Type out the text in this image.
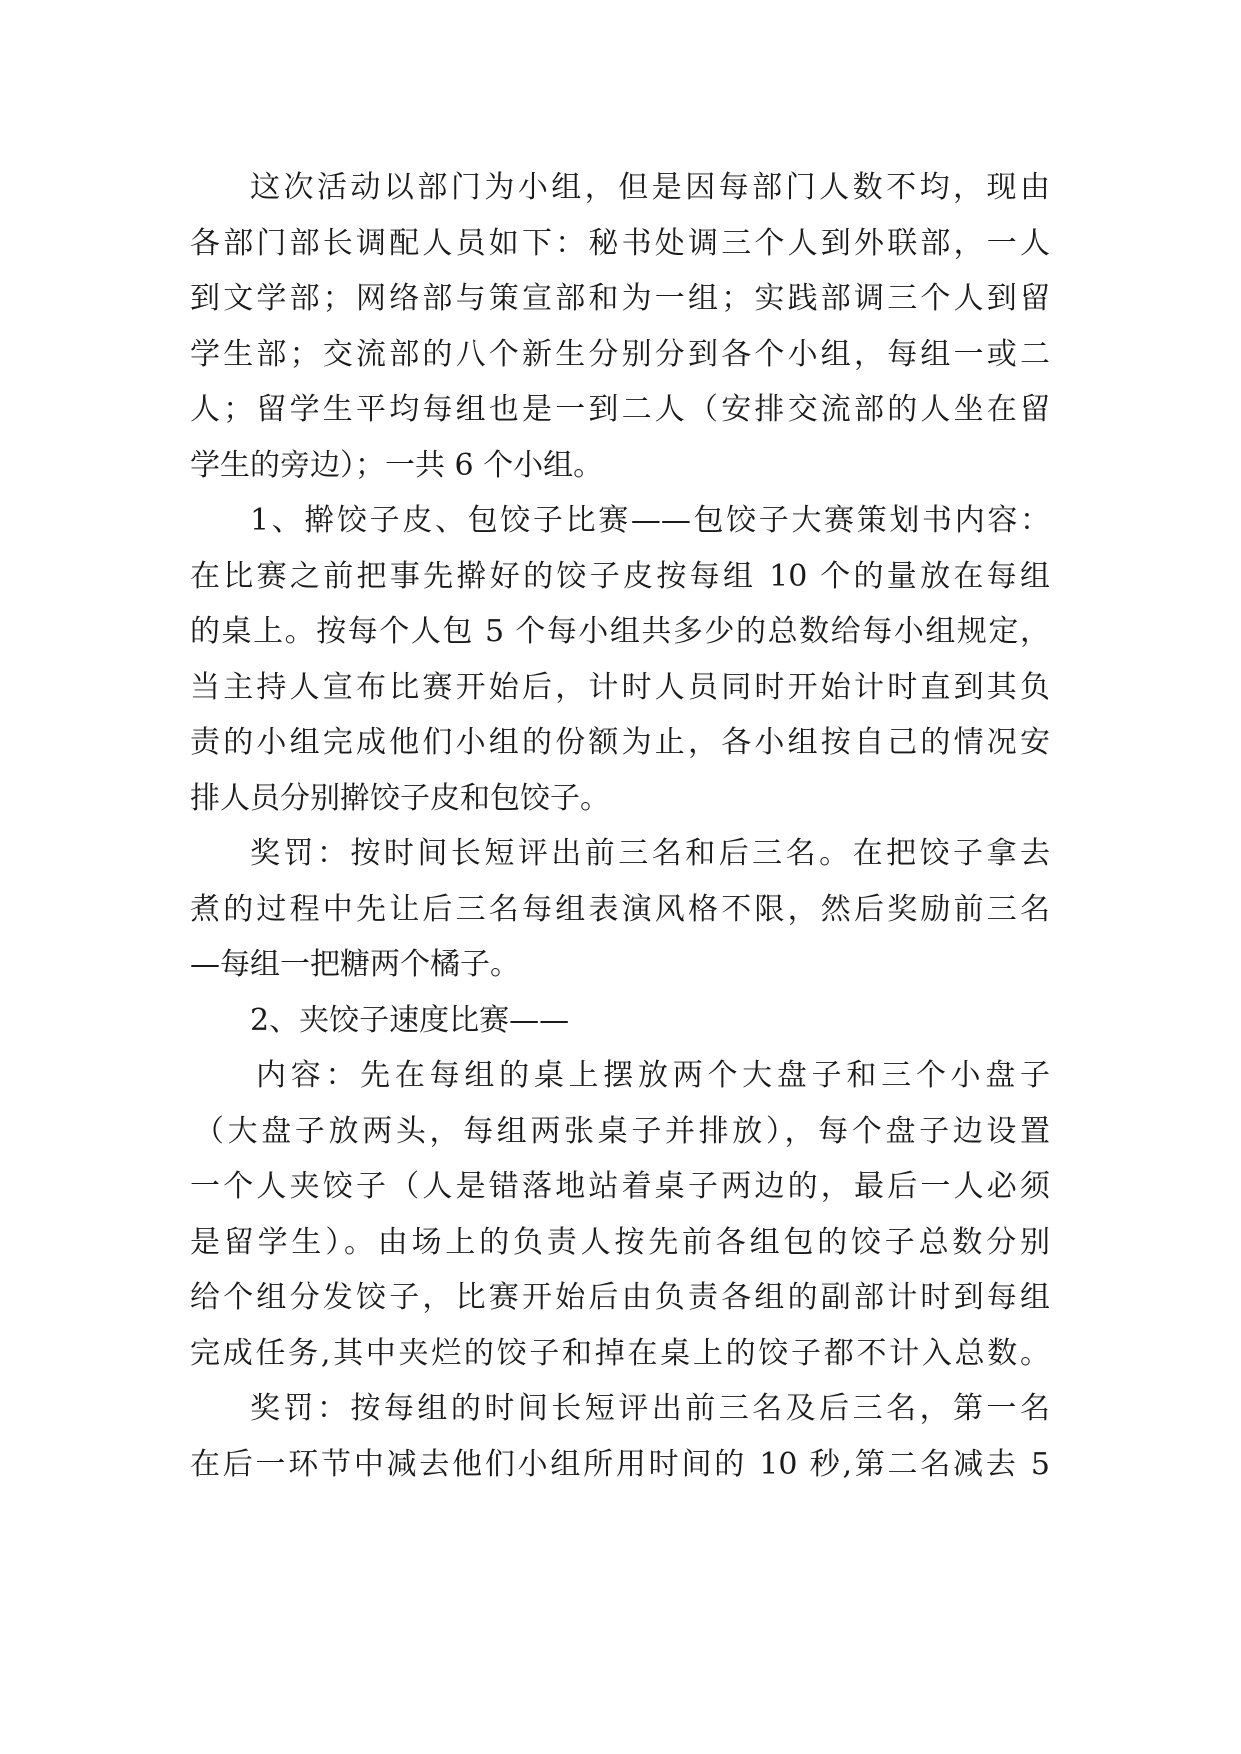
这次活动以部门为小组，但是因每部门人数不均，现由
各部门部长调配人员如下：秘书处调三个人到外联部，一人
到文学部；网络部与策宣部和为一组；实践部调三个人到留
学生部；交流部的八个新生分别分到各个小组，每组一或二
人；留学生平均每组也是一到二人（安排交流部的人坐在留
学生的旁边）；一共 6 个小组。
1、擀饺子皮、包饺子比赛——包饺子大赛策划书内容：
在比赛之前把事先擀好的饺子皮按每组 10 个的量放在每组
的桌上。按每个人包 5 个每小组共多少的总数给每小组规定，
当主持人宣布比赛开始后，计时人员同时开始计时直到其负
责的小组完成他们小组的份额为止，各小组按自己的情况安
排人员分别擀饺子皮和包饺子。
奖罚：按时间长短评出前三名和后三名。在把饺子拿去
煮的过程中先让后三名每组表演风格不限，然后奖励前三名
—每组一把糖两个橘子。
2、夹饺子速度比赛——
内容：先在每组的桌上摆放两个大盘子和三个小盘子
（大盘子放两头，每组两张桌子并排放），每个盘子边设置
一个人夹饺子（人是错落地站着桌子两边的，最后一人必须
是留学生）。由场上的负责人按先前各组包的饺子总数分别
给个组分发饺子，比赛开始后由负责各组的副部计时到每组
完成任务,其中夹烂的饺子和掉在桌上的饺子都不计入总数。
奖罚：按每组的时间长短评出前三名及后三名，第一名
在后一环节中减去他们小组所用时间的 10 秒,第二名减去 5
